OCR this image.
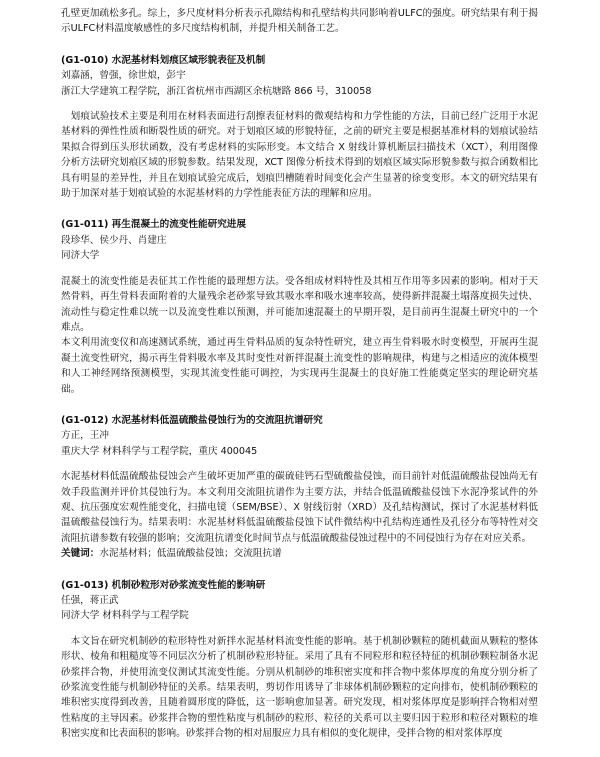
孔壁更加疏松多孔。综上，多尺度材料分析表示孔隙结构和孔壁结构共同影响着ULFC的强度。研究结果有利于揭示ULFC材料温度敏感性的多尺度结构机制，并提升相关制备工艺。

(G1-010) 水泥基材料划痕区域形貌表征及机制

刘嘉涵，曾强，徐世烺，彭宇

浙江大学建筑工程学院，浙江省杭州市西湖区余杭塘路 866 号，310058

划痕试验技术主要是利用在材料表面进行刮擦表征材料的微观结构和力学性能的方法，目前已经广泛用于水泥基材料的弹性性质和断裂性质的研究。对于划痕区域的形貌特征，之前的研究主要是根据基准材料的划痕试验结果拟合得到压头形状函数，没有考虑材料的实际形变。本文结合 X 射线计算机断层扫描技术（XCT），利用图像分析方法研究划痕区域的形貌参数。结果发现，XCT 图像分析技术得到的划痕区域实际形貌参数与拟合函数相比具有明显的差异性，并且在划痕试验完成后，划痕凹槽随着时间变化会产生显著的徐变变形。本文的研究结果有助于加深对基于划痕试验的水泥基材料的力学性能表征方法的理解和应用。

(G1-011) 再生混凝土的流变性能研究进展

段珍华、侯少丹、肖建庄

同济大学

混凝土的流变性能是表征其工作性能的最理想方法。受各组成材料特性及其相互作用等多因素的影响。相对于天然骨料，再生骨料表面附着的大量残余老砂浆导致其吸水率和吸水速率较高，使得新拌混凝土塌落度损失过快、流动性与稳定性难以统一以及流变性难以预测，并可能加速混凝土的早期开裂，是目前再生混凝土研究中的一个难点。

本文利用流变仪和高速测试系统，通过再生骨料品质的复杂特性研究，建立再生骨料吸水时变模型，开展再生混凝土流变性研究，揭示再生骨料吸水率及其时变性对新拌混凝土流变性的影响规律，构建与之相适应的流体模型和人工神经网络预测模型，实现其流变性能可调控，为实现再生混凝土的良好施工性能奠定坚实的理论研究基础。

(G1-012) 水泥基材料低温硫酸盐侵蚀行为的交流阻抗谱研究

方正，王冲

重庆大学 材料科学与工程学院，重庆 400045

水泥基材料低温硫酸盐侵蚀会产生破坏更加严重的碳硫硅钙石型硫酸盐侵蚀，而目前针对低温硫酸盐侵蚀尚无有效手段监测并评价其侵蚀行为。本文利用交流阻抗谱作为主要方法，并结合低温硫酸盐侵蚀下水泥净浆试件的外观、抗压强度宏观性能变化，扫描电镜（SEM/BSE）、X 射线衍射（XRD）及孔结构测试，探讨了水泥基材料低温硫酸盐侵蚀行为。结果表明：水泥基材料低温硫酸盐侵蚀下试件微结构中孔结构连通性及孔径分布等特性对交流阻抗谱参数有较强的影响；交流阻抗谱变化时间节点与低温硫酸盐侵蚀过程中的不同侵蚀行为存在对应关系。

关键词：水泥基材料；低温硫酸盐侵蚀；交流阻抗谱

(G1-013) 机制砂粒形对砂浆流变性能的影响研

任强，蒋正武

同济大学 材料科学与工程学院

本文旨在研究机制砂的粒形特性对新拌水泥基材料流变性能的影响。基于机制砂颗粒的随机截面从颗粒的整体形状、棱角和粗糙度等不同层次分析了机制砂粒形特征。采用了具有不同粒形和粒径特征的机制砂颗粒制备水泥砂浆拌合物，并使用流变仪测试其流变性能。分别从机制砂的堆积密实度和拌合物中浆体厚度的角度分别分析了砂浆流变性能与机制砂特征的关系。结果表明，剪切作用诱导了非球体机制砂颗粒的定向排布，使机制砂颗粒的堆积密实度得到改善，且随着圆形度的降低，这一影响愈加显著。研究发现，相对浆体厚度是影响拌合物相对塑性粘度的主导因素。砂浆拌合物的塑性粘度与机制砂的粒形、粒径的关系可以主要归因于粒形和粒径对颗粒的堆积密实度和比表面积的影响。砂浆拌合物的相对屈服应力具有相似的变化规律，受拌合物的相对浆体厚度
